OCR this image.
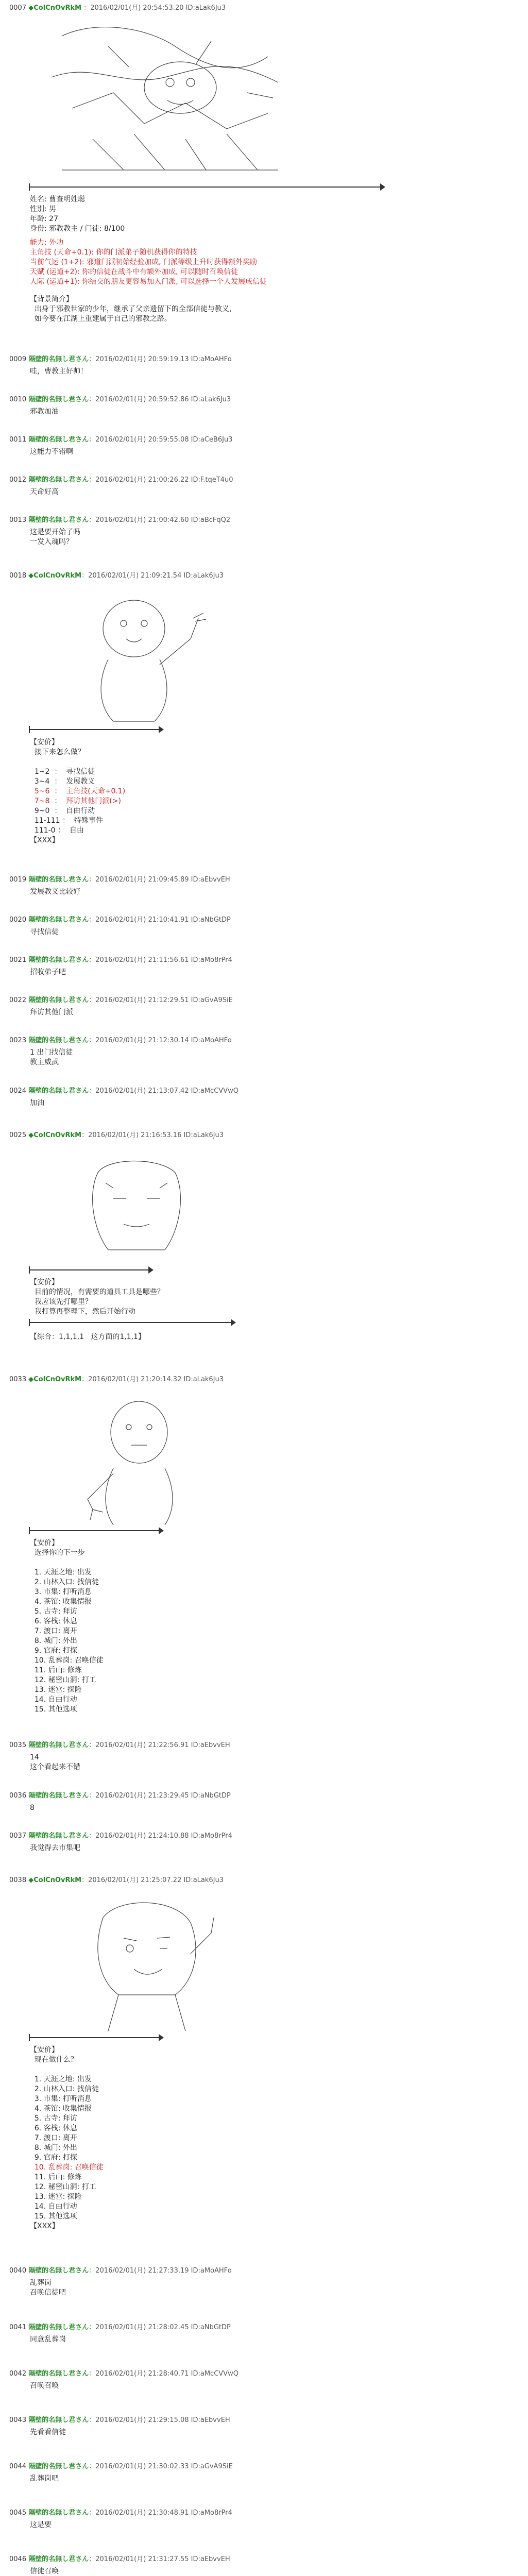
0007 ◆ColCnOvRkM ：2016/02/01(月) 20:54:53.20 ID:aLak6Ju3
姓名: 曹查明姓聪
性别: 男
年龄: 27
身份: 邪教教主 / 门徒: 8/100
能力: 外功
主角技 (天命+0.1): 你的门派弟子随机获得你的特技
当前气运 (1+2): 邪道门派初始经验加成, 门派等级上升时获得额外奖励
天赋 (运道+2): 你的信徒在战斗中有额外加成, 可以随时召唤信徒
人际 (运道+1): 你结交的朋友更容易加入门派, 可以选择一个人发展成信徒
【背景简介】
出身于邪教世家的少年，继承了父亲遗留下的全部信徒与教义，
如今要在江湖上重建属于自己的邪教之路。
0009 隔壁的名無し君さん：2016/02/01(月) 20:59:19.13 ID:aMoAHFo
哇，曹教主好帅！
0010 隔壁的名無し君さん：2016/02/01(月) 20:59:52.86 ID:aLak6Ju3
邪教加油
0011 隔壁的名無し君さん：2016/02/01(月) 20:59:55.08 ID:aCeB6Ju3
这能力不错啊
0012 隔壁的名無し君さん：2016/02/01(月) 21:00:26.22 ID:F.tqeT4u0
天命好高
0013 隔壁的名無し君さん：2016/02/01(月) 21:00:42.60 ID:aBcFqQ2
这是要开始了吗
一发入魂吗？
0018 ◆ColCnOvRkM：2016/02/01(月) 21:09:21.54 ID:aLak6Ju3
【安价】
接下来怎么做？

1~2  ：  寻找信徒
3~4  ：  发展教义
5~6  ：  主角技(天命+0.1)
7~8  ：  拜访其他门派(>)
9~0  ：  自由行动
11-111 ：  特殊事件
111-0 ：  自由
【XXX】
0019 隔壁的名無し君さん：2016/02/01(月) 21:09:45.89 ID:aEbvvEH
发展教义比较好
0020 隔壁的名無し君さん：2016/02/01(月) 21:10:41.91 ID:aNbGtDP
寻找信徒
0021 隔壁的名無し君さん：2016/02/01(月) 21:11:56.61 ID:aMo8rPr4
招收弟子吧
0022 隔壁的名無し君さん：2016/02/01(月) 21:12:29.51 ID:aGvA9SiE
拜访其他门派
0023 隔壁的名無し君さん：2016/02/01(月) 21:12:30.14 ID:aMoAHFo
1 出门找信徒
教主威武
0024 隔壁的名無し君さん：2016/02/01(月) 21:13:07.42 ID:aMcCVVwQ
加油
0025 ◆ColCnOvRkM：2016/02/01(月) 21:16:53.16 ID:aLak6Ju3
【安价】
目前的情况，有需要的道具工具是哪些？
我应该先打哪里？
我打算再整理下，然后开始行动
【综合：1,1,1,1   这方面的1,1,1】
0033 ◆ColCnOvRkM：2016/02/01(月) 21:20:14.32 ID:aLak6Ju3
【安价】
选择你的下一步

1. 天涯之地: 出发
2. 山林入口: 找信徒
3. 市集: 打听消息
4. 茶馆: 收集情报
5. 古寺: 拜访
6. 客栈: 休息
7. 渡口: 离开
8. 城门: 外出
9. 官府: 打探
10. 乱葬岗: 召唤信徒
11. 后山: 修炼
12. 秘密山洞: 打工
13. 迷宫: 探险
14. 自由行动
15. 其他选项
0035 隔壁的名無し君さん：2016/02/01(月) 21:22:56.91 ID:aEbvvEH
14
这个看起来不错
0036 隔壁的名無し君さん：2016/02/01(月) 21:23:29.45 ID:aNbGtDP
8
0037 隔壁的名無し君さん：2016/02/01(月) 21:24:10.88 ID:aMo8rPr4
我觉得去市集吧
0038 ◆ColCnOvRkM：2016/02/01(月) 21:25:07.22 ID:aLak6Ju3
【安价】
现在做什么？

1. 天涯之地: 出发
2. 山林入口: 找信徒
3. 市集: 打听消息
4. 茶馆: 收集情报
5. 古寺: 拜访
6. 客栈: 休息
7. 渡口: 离开
8. 城门: 外出
9. 官府: 打探
10. 乱葬岗: 召唤信徒
11. 后山: 修炼
12. 秘密山洞: 打工
13. 迷宫: 探险
14. 自由行动
15. 其他选项
【XXX】
0040 隔壁的名無し君さん：2016/02/01(月) 21:27:33.19 ID:aMoAHFo
乱葬岗
召唤信徒吧
0041 隔壁的名無し君さん：2016/02/01(月) 21:28:02.45 ID:aNbGtDP
同意乱葬岗
0042 隔壁的名無し君さん：2016/02/01(月) 21:28:40.71 ID:aMcCVVwQ
召唤召唤
0043 隔壁的名無し君さん：2016/02/01(月) 21:29:15.08 ID:aEbvvEH
先看看信徒
0044 隔壁的名無し君さん：2016/02/01(月) 21:30:02.33 ID:aGvA9SiE
乱葬岗吧
0045 隔壁的名無し君さん：2016/02/01(月) 21:30:48.91 ID:aMo8rPr4
这是要
0046 隔壁的名無し君さん：2016/02/01(月) 21:31:27.55 ID:aEbvvEH
信徒召唤
